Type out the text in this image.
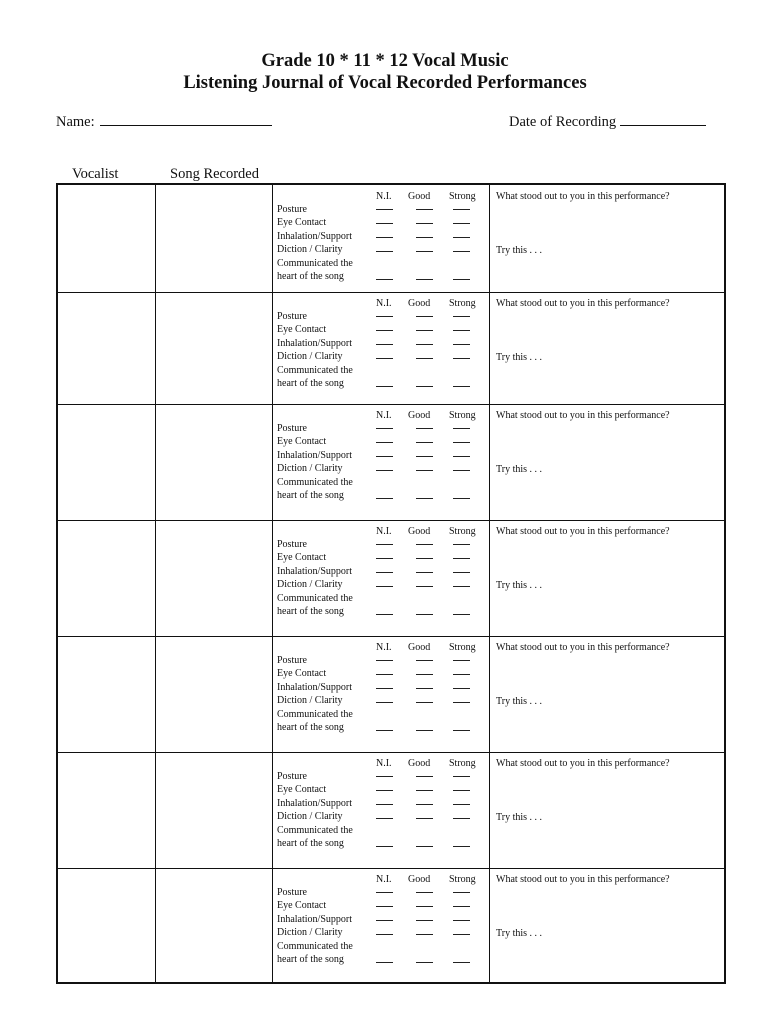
Grade 10 * 11 * 12 Vocal Music
Listening Journal of Vocal Recorded Performances
Name:	Date of Recording
Vocalist	Song Recorded
N.I. Good Strong
Posture
Eye Contact
Inhalation/Support
Diction / Clarity
Communicated the
heart of the song
What stood out to you in this performance?
Try this . . .
N.I. Good Strong
Posture
Eye Contact
Inhalation/Support
Diction / Clarity
Communicated the
heart of the song
What stood out to you in this performance?
Try this . . .
N.I. Good Strong
Posture
Eye Contact
Inhalation/Support
Diction / Clarity
Communicated the
heart of the song
What stood out to you in this performance?
Try this . . .
N.I. Good Strong
Posture
Eye Contact
Inhalation/Support
Diction / Clarity
Communicated the
heart of the song
What stood out to you in this performance?
Try this . . .
N.I. Good Strong
Posture
Eye Contact
Inhalation/Support
Diction / Clarity
Communicated the
heart of the song
What stood out to you in this performance?
Try this . . .
N.I. Good Strong
Posture
Eye Contact
Inhalation/Support
Diction / Clarity
Communicated the
heart of the song
What stood out to you in this performance?
Try this . . .
N.I. Good Strong
Posture
Eye Contact
Inhalation/Support
Diction / Clarity
Communicated the
heart of the song
What stood out to you in this performance?
Try this . . .
